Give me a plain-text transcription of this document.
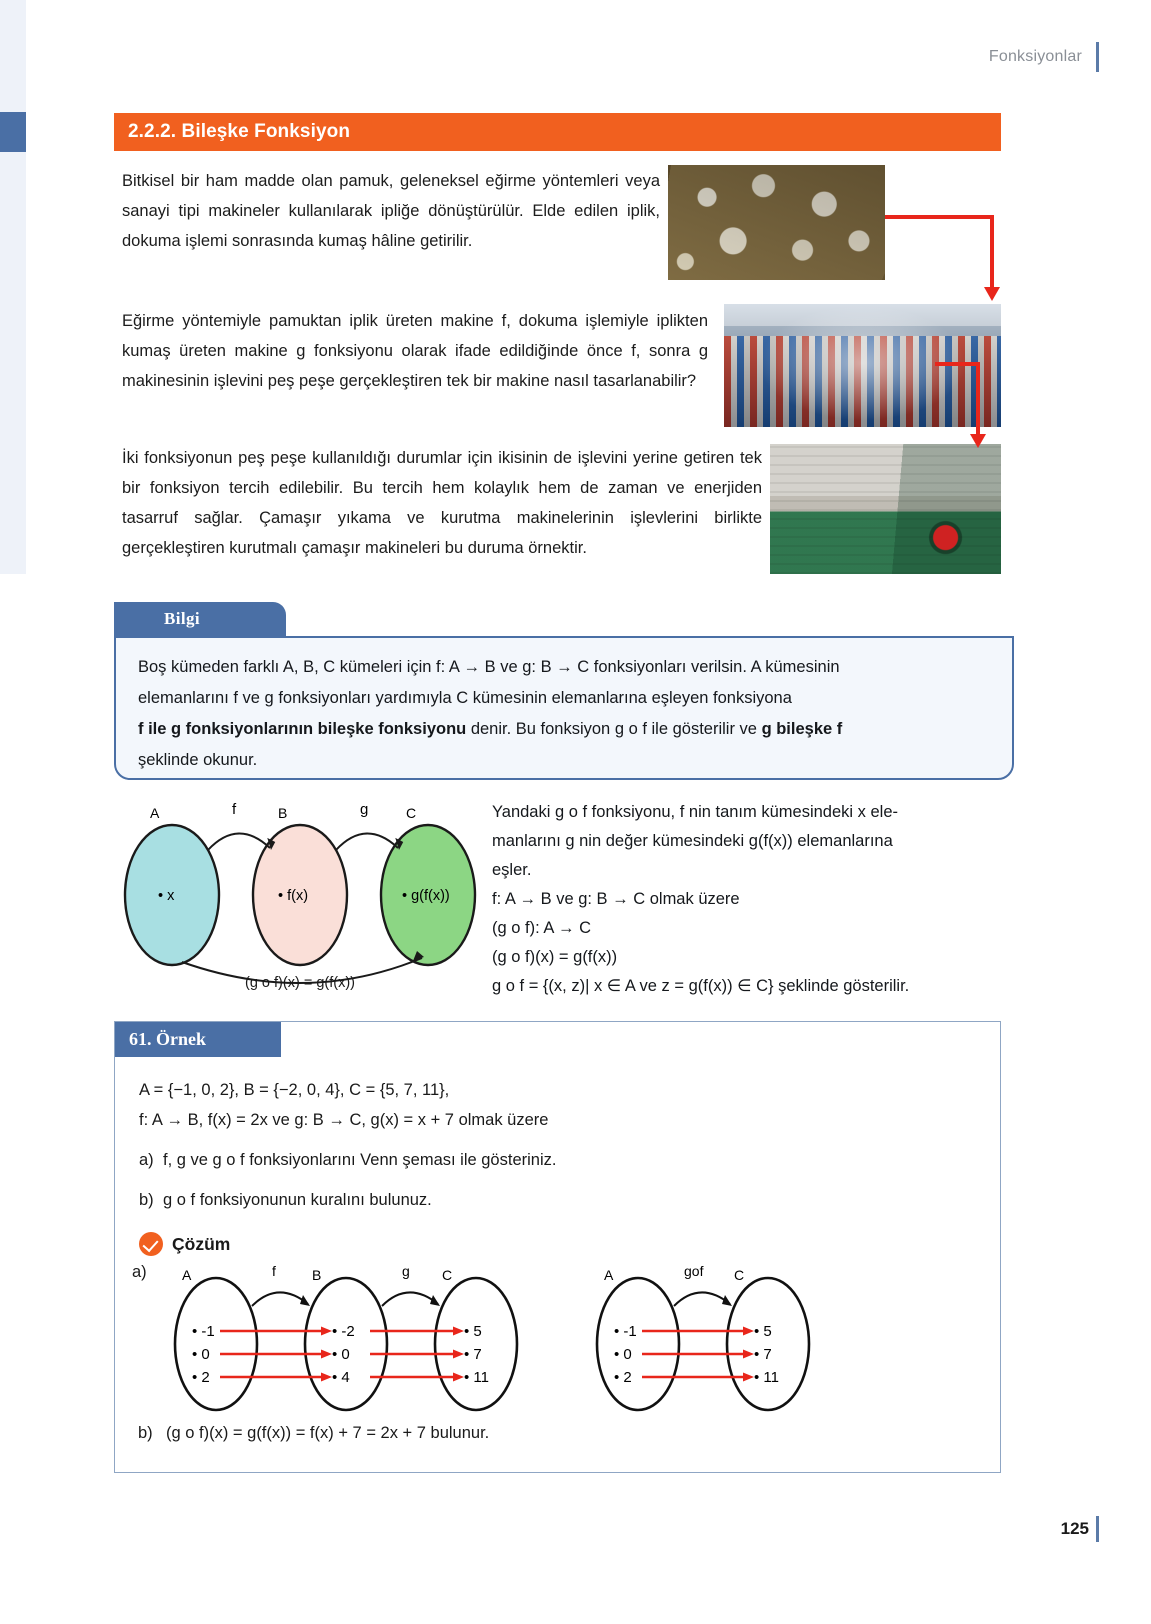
Fonksiyonlar
2.2.2. Bileşke Fonksiyon

Bitkisel bir ham madde olan pamuk, geleneksel eğirme yöntemleri veya sanayi tipi makineler kullanılarak ipliğe dönüştürülür. Elde edilen iplik, dokuma işlemi sonrasında kumaş hâline getirilir.

Eğirme yöntemiyle pamuktan iplik üreten makine f, dokuma işlemiyle iplikten kumaş üreten makine g fonksiyonu olarak ifade edildiğinde önce f, sonra g makinesinin işlevini peş peşe gerçekleştiren tek bir makine nasıl tasarlanabilir?

İki fonksiyonun peş peşe kullanıldığı durumlar için ikisinin de işlevini yerine getiren tek bir fonksiyon tercih edilebilir. Bu tercih hem kolaylık hem de zaman ve enerjiden tasarruf sağlar. Çamaşır yıkama ve kurutma makinelerinin işlevlerini birlikte gerçekleştiren kurutmalı çamaşır makineleri bu duruma örnektir.

Bilgi
Boş kümeden farklı A, B, C kümeleri için f: A → B ve g: B → C fonksiyonları verilsin. A kümesinin
elemanlarını f ve g fonksiyonları yardımıyla C kümesinin elemanlarına eşleyen fonksiyona
f ile g fonksiyonlarının bileşke fonksiyonu denir. Bu fonksiyon g o f ile gösterilir ve g bileşke f
şeklinde okunur.
A	B	C
f	g
• x	• f(x)	• g(f(x))
(g o f)(x) = g(f(x))
Yandaki g o f fonksiyonu, f nin tanım kümesindeki x ele-
manlarını g nin değer kümesindeki g(f(x)) elemanlarına
eşler.
f: A → B ve g: B → C olmak üzere
(g o f): A → C
(g o f)(x) = g(f(x))
g o f = {(x, z)| x ∈ A ve z = g(f(x)) ∈ C} şeklinde gösterilir.
61. Örnek
A = {−1, 0, 2}, B = {−2, 0, 4}, C = {5, 7, 11},
f: A → B, f(x) = 2x ve g: B → C, g(x) = x + 7 olmak üzere
a) f, g ve g o f fonksiyonlarını Venn şeması ile gösteriniz.
b) g o f fonksiyonunun kuralını bulunuz.
Çözüm
a)	A	B	C
f	g
• -1
• 0
• 2
• -2
• 0
• 4
• 5
• 7
• 11
A	C
gof
• -1
• 0
• 2
• 5
• 7
• 11
b) (g o f)(x) = g(f(x)) = f(x) + 7 = 2x + 7 bulunur.
125
